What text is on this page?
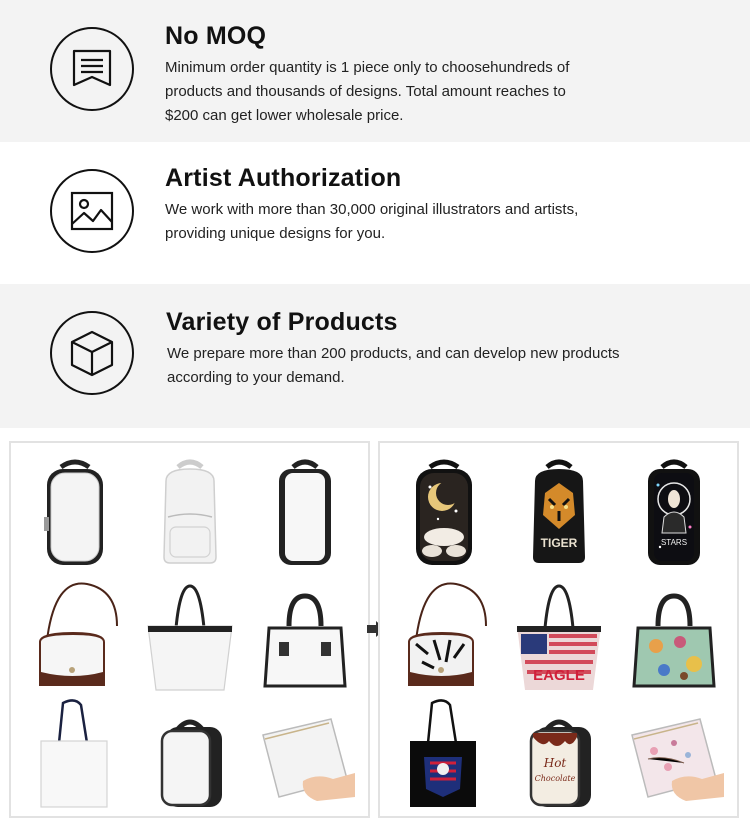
No MOQ
Minimum order quantity is 1 piece only to choosehundreds of
products and thousands of designs. Total amount reaches to
$200 can get lower wholesale price.
Artist Authorization
We work with more than 30,000 original illustrators and artists,
providing unique designs for you.
Variety of Products
We prepare more than 200 products, and can develop new products
according to your demand.
TIGER	STARS
EAGLE
Hot
Chocolate
